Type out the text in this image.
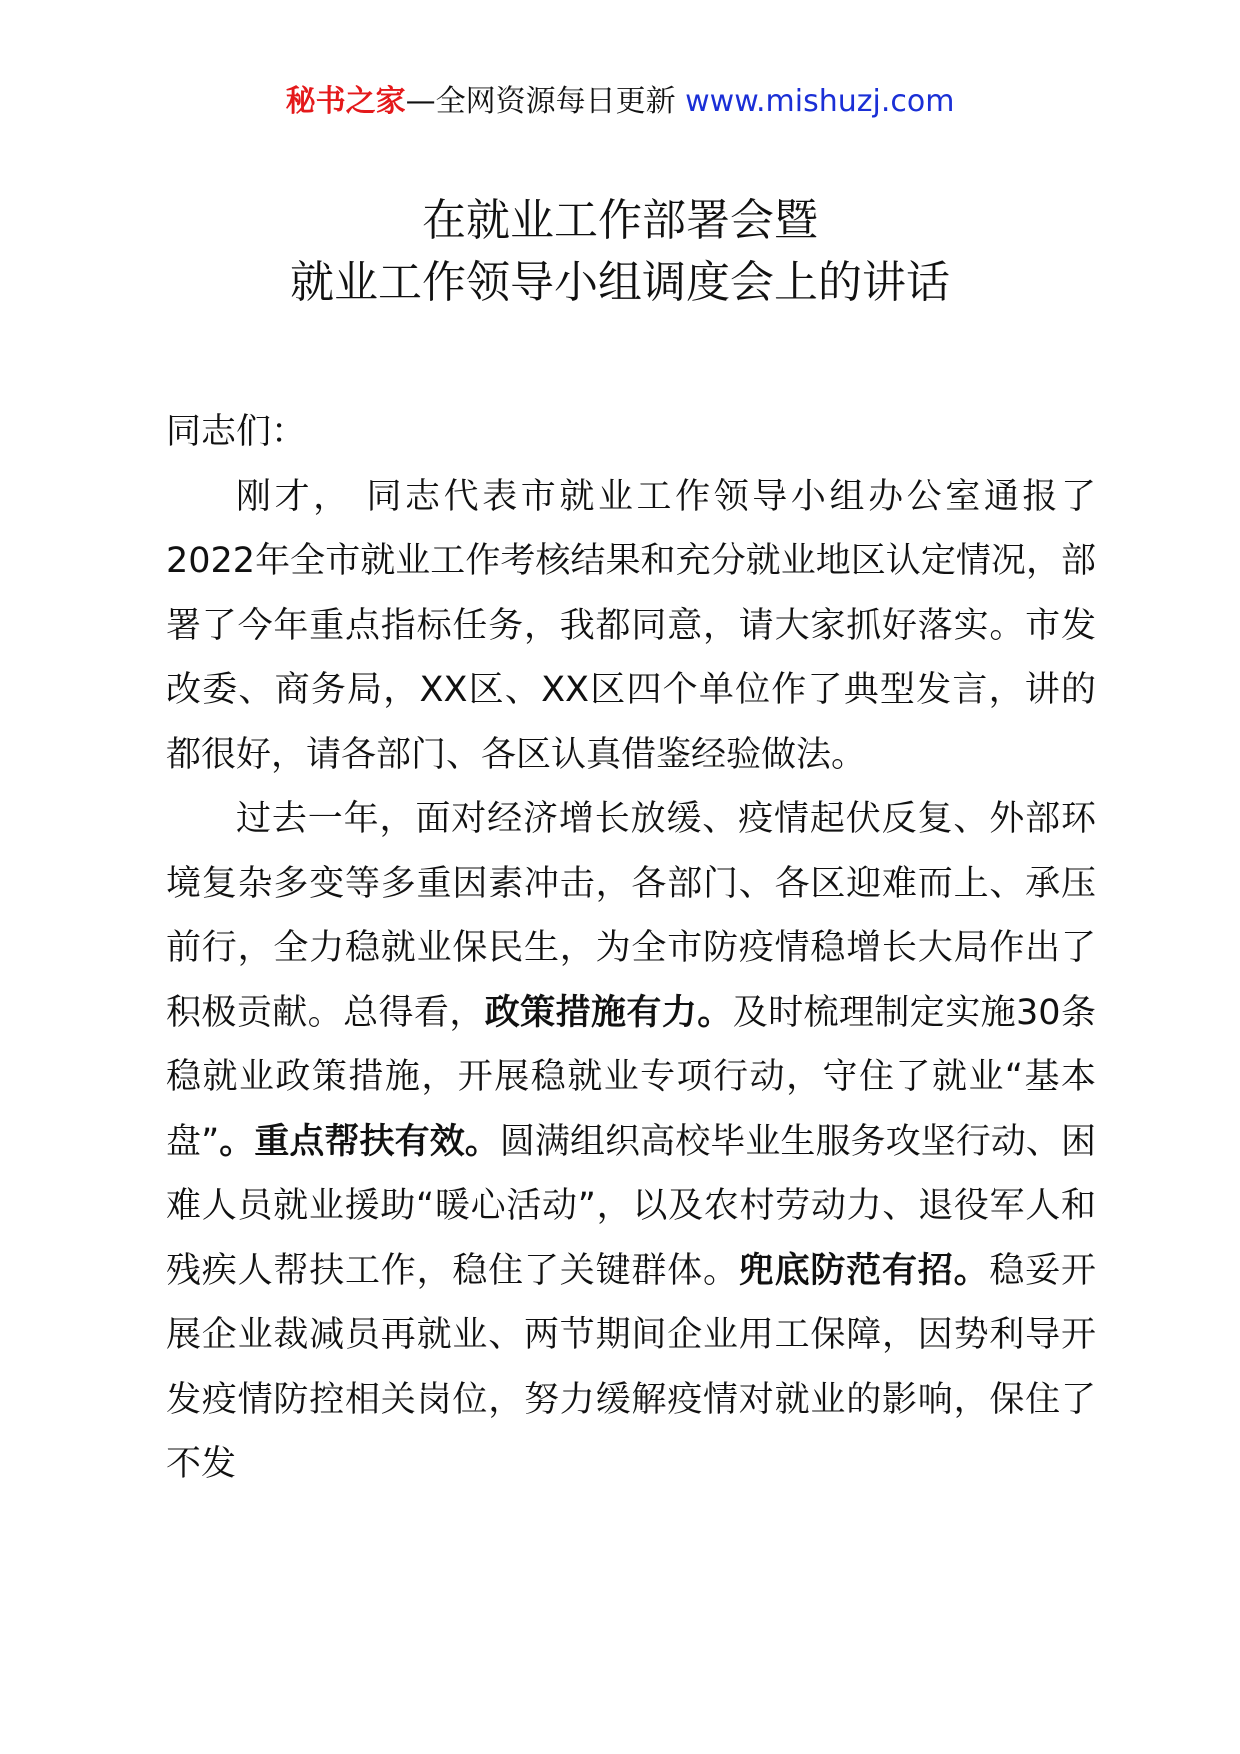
秘书之家—全网资源每日更新 www.mishuzj.com
在就业工作部署会暨
就业工作领导小组调度会上的讲话

同志们：

刚才， 同志代表市就业工作领导小组办公室通报了2022年全市就业工作考核结果和充分就业地区认定情况，部署了今年重点指标任务，我都同意，请大家抓好落实。市发改委、商务局，XX区、XX区四个单位作了典型发言，讲的都很好，请各部门、各区认真借鉴经验做法。

过去一年，面对经济增长放缓、疫情起伏反复、外部环境复杂多变等多重因素冲击，各部门、各区迎难而上、承压前行，全力稳就业保民生，为全市防疫情稳增长大局作出了积极贡献。总得看，政策措施有力。及时梳理制定实施30条稳就业政策措施，开展稳就业专项行动，守住了就业“基本盘”。重点帮扶有效。圆满组织高校毕业生服务攻坚行动、困难人员就业援助“暖心活动”，以及农村劳动力、退役军人和残疾人帮扶工作，稳住了关键群体。兜底防范有招。稳妥开展企业裁减员再就业、两节期间企业用工保障，因势利导开发疫情防控相关岗位，努力缓解疫情对就业的影响，保住了不发
